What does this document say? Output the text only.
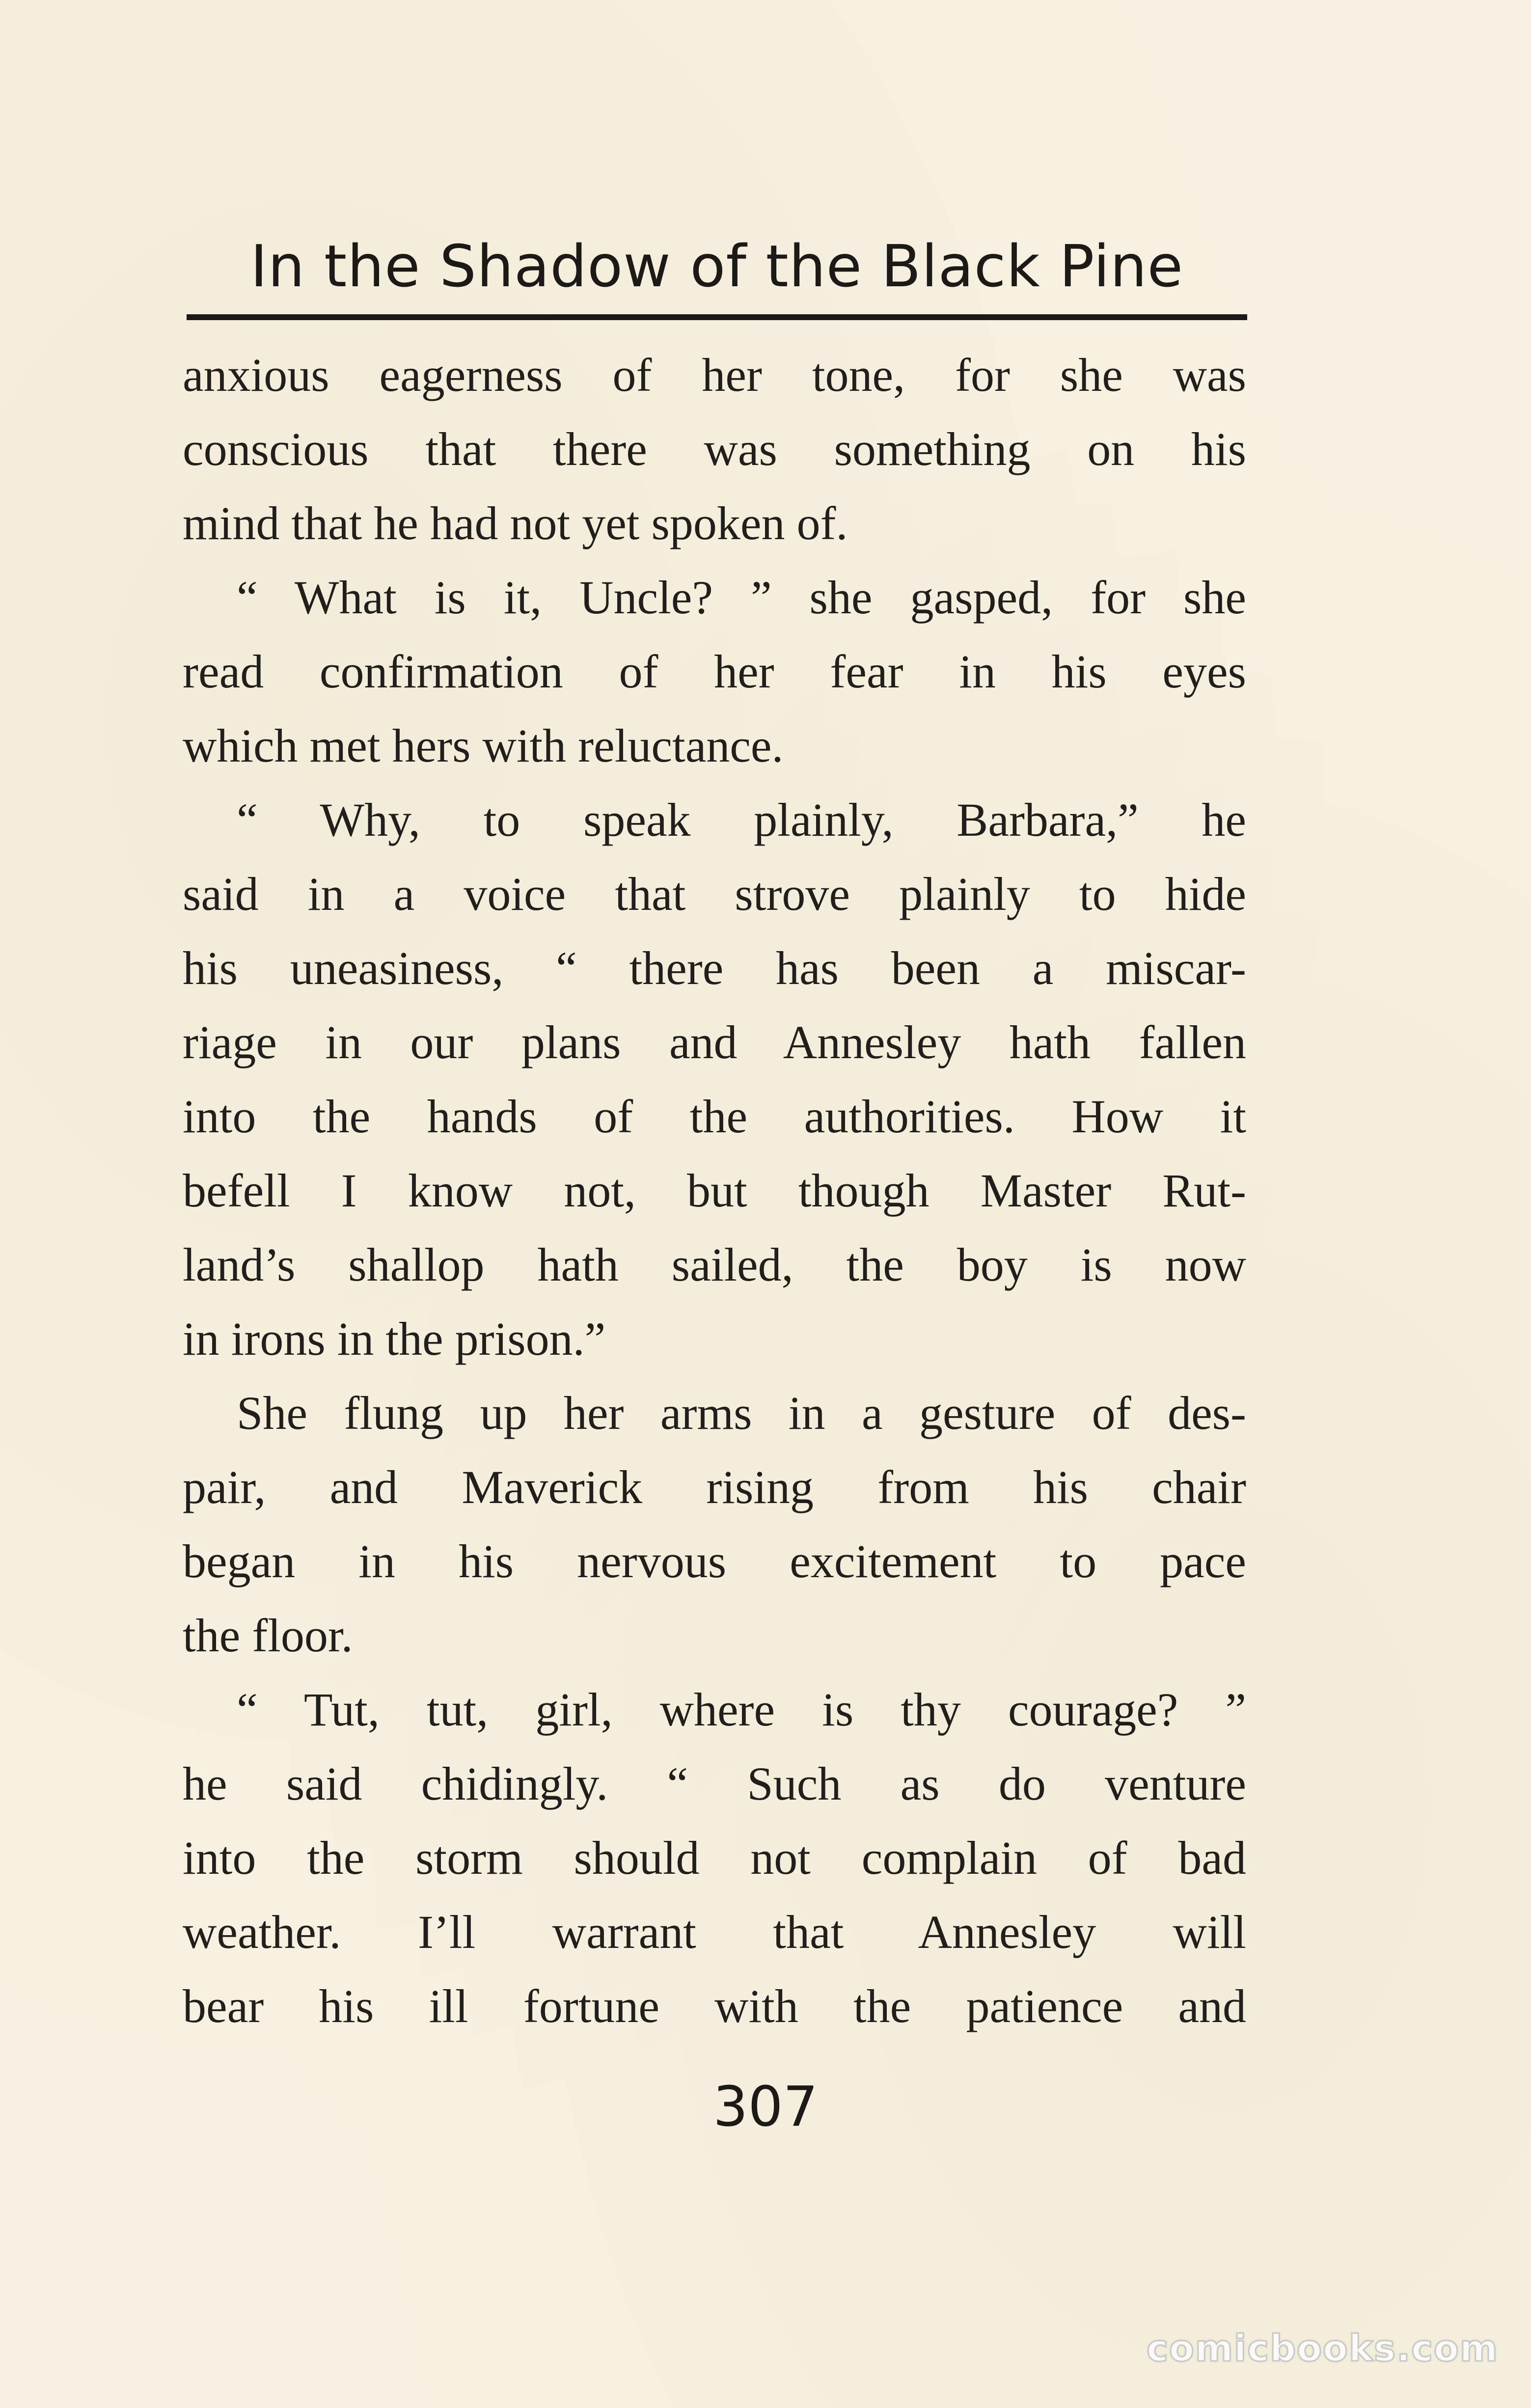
In the Shadow of the Black Pine
anxious eagerness of her tone, for she was
conscious that there was something on his
mind that he had not yet spoken of.
“ What is it, Uncle? ” she gasped, for she
read confirmation of her fear in his eyes
which met hers with reluctance.
“ Why, to speak plainly, Barbara,” he
said in a voice that strove plainly to hide
his uneasiness, “ there has been a miscar-
riage in our plans and Annesley hath fallen
into the hands of the authorities. How it
befell I know not, but though Master Rut-
land’s shallop hath sailed, the boy is now
in irons in the prison.”
She flung up her arms in a gesture of des-
pair, and Maverick rising from his chair
began in his nervous excitement to pace
the floor.
“ Tut, tut, girl, where is thy courage? ”
he said chidingly. “ Such as do venture
into the storm should not complain of bad
weather. I’ll warrant that Annesley will
bear his ill fortune with the patience and
307
comicbooks.com
